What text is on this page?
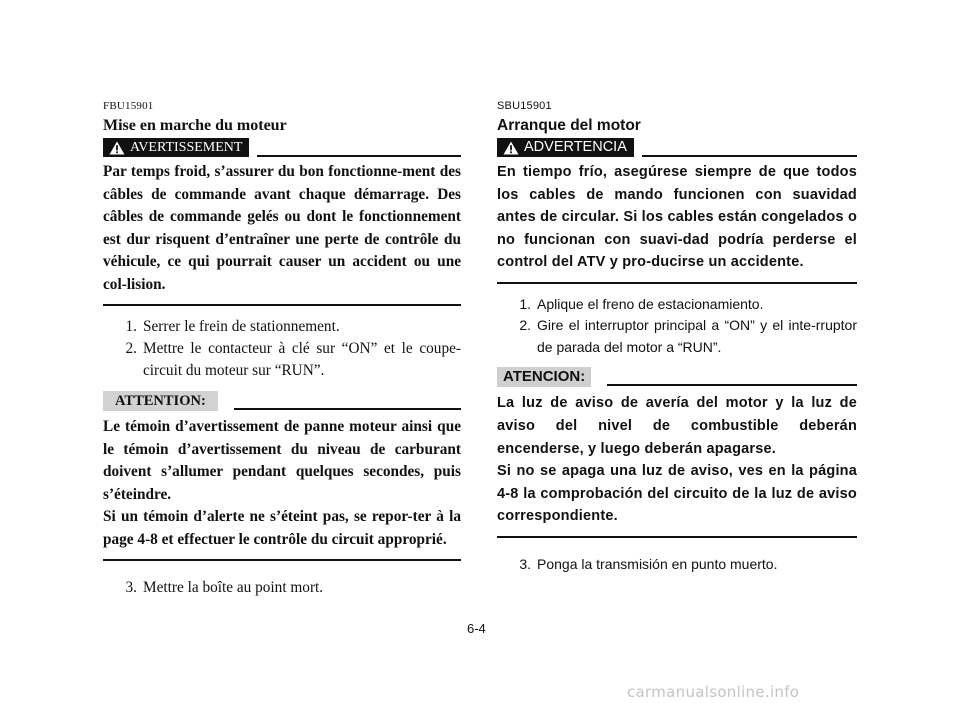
FBU15901
Mise en marche du moteur
AVERTISSEMENT
Par temps froid, s’assurer du bon fonctionne-ment des câbles de commande avant chaque démarrage. Des câbles de commande gelés ou dont le fonctionnement est dur risquent d’entraîner une perte de contrôle du véhicule, ce qui pourrait causer un accident ou une col-lision.
1. Serrer le frein de stationnement.
2. Mettre le contacteur à clé sur “ON” et le coupe-circuit du moteur sur “RUN”.
ATTENTION:

Le témoin d’avertissement de panne moteur ainsi que le témoin d’avertissement du niveau de carburant doivent s’allumer pendant quelques secondes, puis s’éteindre.

Si un témoin d’alerte ne s’éteint pas, se repor-ter à la page 4-8 et effectuer le contrôle du circuit approprié.

3. Mettre la boîte au point mort.
SBU15901
Arranque del motor
ADVERTENCIA
En tiempo frío, asegúrese siempre de que todos los cables de mando funcionen con suavidad antes de circular. Si los cables están congelados o no funcionan con suavi-dad podría perderse el control del ATV y pro-ducirse un accidente.
1. Aplique el freno de estacionamiento.
2. Gire el interruptor principal a “ON” y el inte-rruptor de parada del motor a “RUN”.
ATENCION:

La luz de aviso de avería del motor y la luz de aviso del nivel de combustible deberán encenderse, y luego deberán apagarse.

Si no se apaga una luz de aviso, ves en la página 4-8 la comprobación del circuito de la luz de aviso correspondiente.

3. Ponga la transmisión en punto muerto.
6-4
carmanualsonline.info
